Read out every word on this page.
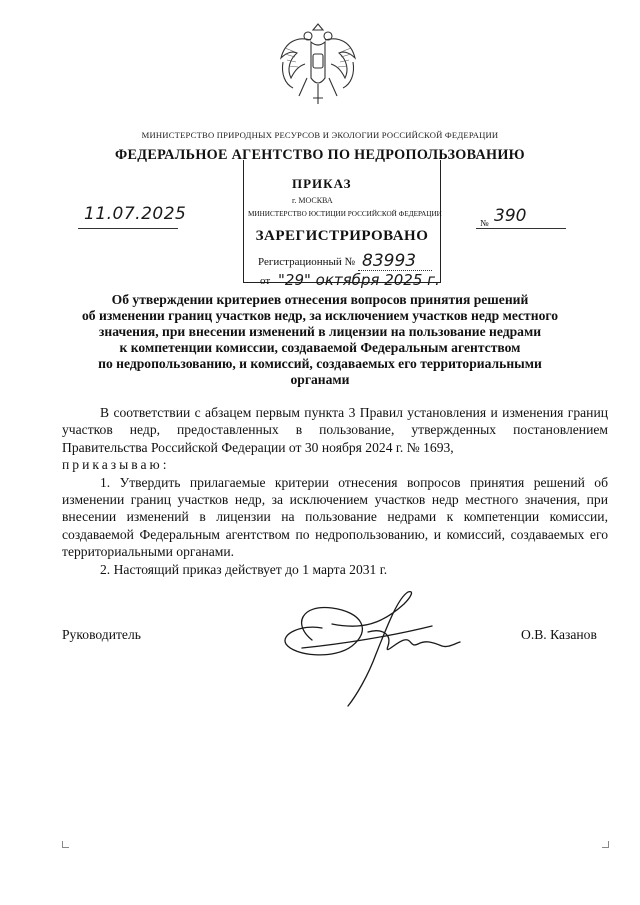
МИНИСТЕРСТВО ПРИРОДНЫХ РЕСУРСОВ И ЭКОЛОГИИ РОССИЙСКОЙ ФЕДЕРАЦИИ
ФЕДЕРАЛЬНОЕ АГЕНТСТВО ПО НЕДРОПОЛЬЗОВАНИЮ
МИНИСТЕРСТВО ЮСТИЦИИ РОССИЙСКОЙ ФЕДЕРАЦИИ
ЗАРЕГИСТРИРОВАНО
Регистрационный № 83993
от "29" октября 2025 г.
ПРИКАЗ
г. МОСКВА
11.07.2025	№ 390
Об утверждении критериев отнесения вопросов принятия решений
об изменении границ участков недр, за исключением участков недр местного
значения, при внесении изменений в лицензии на пользование недрами
к компетенции комиссии, создаваемой Федеральным агентством
по недропользованию, и комиссий, создаваемых его территориальными
органами

В соответствии с абзацем первым пункта 3 Правил установления и изменения границ участков недр, предоставленных в пользование, утвержденных постановлением Правительства Российской Федерации от 30 ноября 2024 г. № 1693,

приказываю:

1. Утвердить прилагаемые критерии отнесения вопросов принятия решений об изменении границ участков недр, за исключением участков недр местного значения, при внесении изменений в лицензии на пользование недрами к компетенции комиссии, создаваемой Федеральным агентством по недропользованию, и комиссий, создаваемых его территориальными органами.

2. Настоящий приказ действует до 1 марта 2031 г.

Руководитель	О.В. Казанов
